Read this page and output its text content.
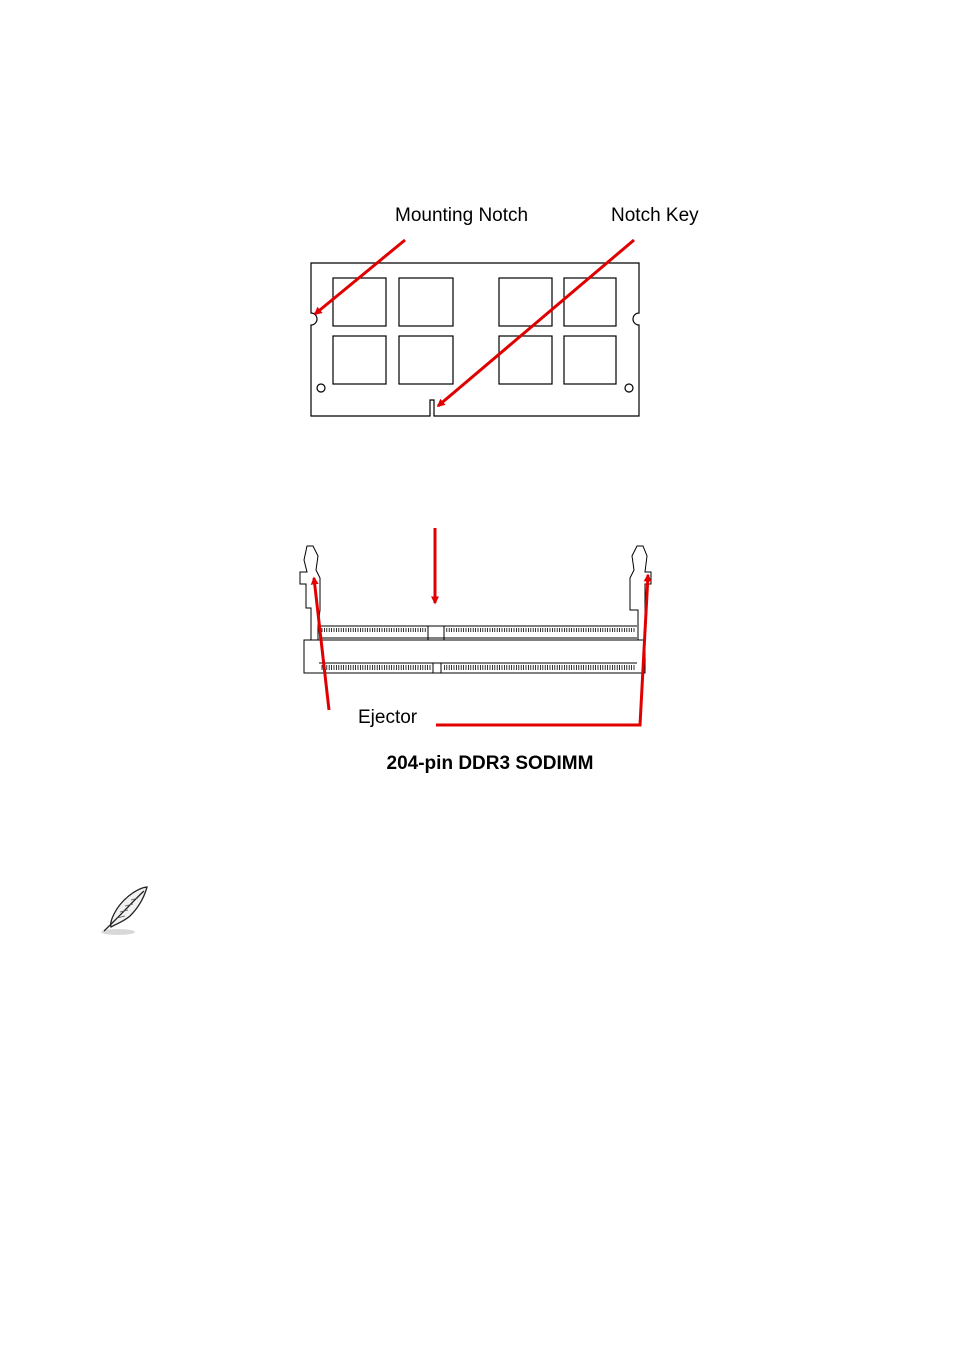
Mounting Notch	Notch Key
Ejector
204-pin DDR3 SODIMM
